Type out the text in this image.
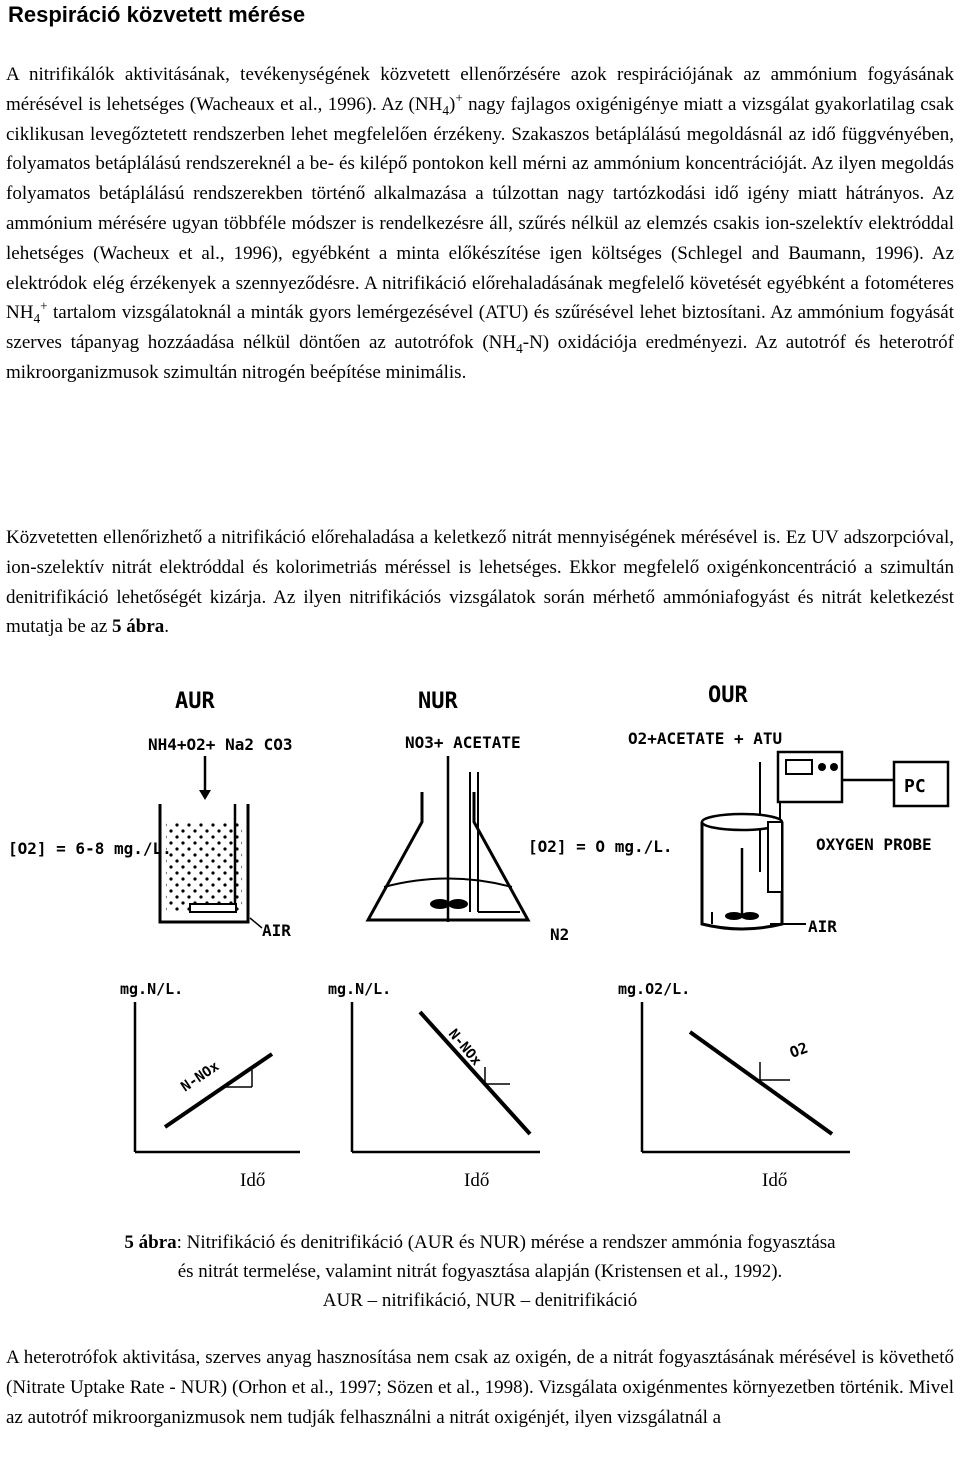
Respiráció közvetett mérése
A nitrifikálók aktivitásának, tevékenységének közvetett ellenőrzésére azok respirációjának az ammónium fogyásának mérésével is lehetséges (Wacheaux et al., 1996). Az $(NH_4)^+$ nagy fajlagos oxigénigénye miatt a vizsgálat gyakorlatilag csak ciklikusan levegőztetett rendszerben lehet megfelelően érzékeny. Szakaszos betáplálású megoldásnál az idő függvényében, folyamatos betáplálású rendszereknél a be- és kilépő pontokon kell mérni az ammónium koncentrációját. Az ilyen megoldás folyamatos betáplálású rendszerekben történő alkalmazása a túlzottan nagy tartózkodási idő igény miatt hátrányos. Az ammónium mérésére ugyan többféle módszer is rendelkezésre áll, szűrés nélkül az elemzés csakis ion-szelektív elektróddal lehetséges (Wacheux et al., 1996), egyébként a minta előkészítése igen költséges (Schlegel and Baumann, 1996). Az elektródok elég érzékenyek a szennyeződésre. A nitrifikáció előrehaladásának megfelelő követését egyébként a fotométeres $NH_4^+$ tartalom vizsgálatoknál a minták gyors lemérgezésével (ATU) és szűrésével lehet biztosítani. Az ammónium fogyását szerves tápanyag hozzáadása nélkül döntően az autotrófok $(NH_4-N)$ oxidációja eredményezi. Az autotróf és heterotróf mikroorganizmusok szimultán nitrogén beépítése minimális.
Közvetetten ellenőrizhető a nitrifikáció előrehaladása a keletkező nitrát mennyiségének mérésével is. Ez UV adszorpcióval, ion-szelektív nitrát elektróddal és kolorimetriás méréssel is lehetséges. Ekkor megfelelő oxigénkoncentráció a szimultán denitrifikáció lehetőségét kizárja. Az ilyen nitrifikációs vizsgálatok során mérhető ammóniafogyást és nitrát keletkezést mutatja be az 5 ábra.
AUR
NH4+O2+ Na2 CO3
AIR
[O2] = 6-8 mg./L.
mg.N/L.
N-NOx
NUR
NO3+ ACETATE
N2
[O2] = O mg./L.
mg.N/L.
N-NOx
OUR
O2+ACETATE + ATU
PC
OXYGEN PROBE
AIR
mg.O2/L.
O2
Idő	Idő	Idő
5 ábra: Nitrifikáció és denitrifikáció (AUR és NUR) mérése a rendszer ammónia fogyasztása
és nitrát termelése, valamint nitrát fogyasztása alapján (Kristensen et al., 1992).
AUR – nitrifikáció, NUR – denitrifikáció
A heterotrófok aktivitása, szerves anyag hasznosítása nem csak az oxigén, de a nitrát fogyasztásának mérésével is követhető (Nitrate Uptake Rate - NUR) (Orhon et al., 1997; Sözen et al., 1998). Vizsgálata oxigénmentes környezetben történik. Mivel az autotróf mikroorganizmusok nem tudják felhasználni a nitrát oxigénjét, ilyen vizsgálatnál a
